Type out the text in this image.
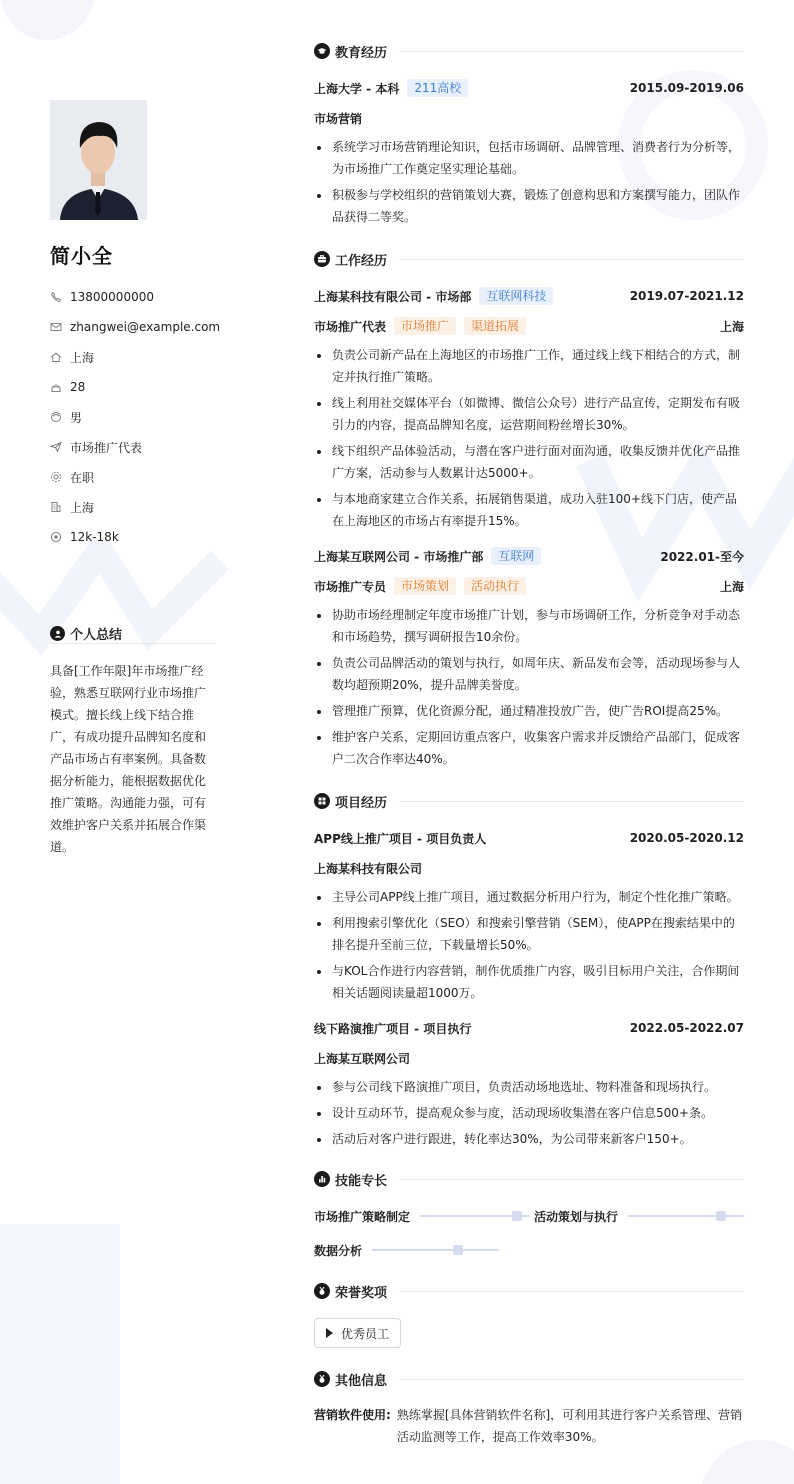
简小全
13800000000
zhangwei@example.com
上海
28
男
市场推广代表
在职
上海
12k-18k
个人总结
具备[工作年限]年市场推广经验，熟悉互联网行业市场推广模式。擅长线上线下结合推广，有成功提升品牌知名度和产品市场占有率案例。具备数据分析能力，能根据数据优化推广策略。沟通能力强，可有效维护客户关系并拓展合作渠道。
教育经历
上海大学 - 本科	211高校	2015.09-2019.06
市场营销
系统学习市场营销理论知识，包括市场调研、品牌管理、消费者行为分析等，为市场推广工作奠定坚实理论基础。
积极参与学校组织的营销策划大赛，锻炼了创意构思和方案撰写能力，团队作品获得二等奖。
工作经历
上海某科技有限公司 - 市场部	互联网科技	2019.07-2021.12
市场推广代表	市场推广	渠道拓展	上海
负责公司新产品在上海地区的市场推广工作，通过线上线下相结合的方式，制定并执行推广策略。
线上利用社交媒体平台（如微博、微信公众号）进行产品宣传，定期发布有吸引力的内容，提高品牌知名度，运营期间粉丝增长30%。
线下组织产品体验活动，与潜在客户进行面对面沟通，收集反馈并优化产品推广方案，活动参与人数累计达5000+。
与本地商家建立合作关系，拓展销售渠道，成功入驻100+线下门店，使产品在上海地区的市场占有率提升15%。
上海某互联网公司 - 市场推广部	互联网	2022.01-至今
市场推广专员	市场策划	活动执行	上海
协助市场经理制定年度市场推广计划，参与市场调研工作，分析竞争对手动态和市场趋势，撰写调研报告10余份。
负责公司品牌活动的策划与执行，如周年庆、新品发布会等，活动现场参与人数均超预期20%，提升品牌美誉度。
管理推广预算，优化资源分配，通过精准投放广告，使广告ROI提高25%。
维护客户关系，定期回访重点客户，收集客户需求并反馈给产品部门，促成客户二次合作率达40%。
项目经历
APP线上推广项目 - 项目负责人	2020.05-2020.12
上海某科技有限公司
主导公司APP线上推广项目，通过数据分析用户行为，制定个性化推广策略。
利用搜索引擎优化（SEO）和搜索引擎营销（SEM），使APP在搜索结果中的排名提升至前三位，下载量增长50%。
与KOL合作进行内容营销，制作优质推广内容，吸引目标用户关注，合作期间相关话题阅读量超1000万。
线下路演推广项目 - 项目执行	2022.05-2022.07
上海某互联网公司
参与公司线下路演推广项目，负责活动场地选址、物料准备和现场执行。
设计互动环节，提高观众参与度，活动现场收集潜在客户信息500+条。
活动后对客户进行跟进，转化率达30%，为公司带来新客户150+。
技能专长
市场推广策略制定	活动策划与执行
数据分析
荣誉奖项
优秀员工
其他信息
营销软件使用: 熟练掌握[具体营销软件名称]，可利用其进行客户关系管理、营销活动监测等工作，提高工作效率30%。
